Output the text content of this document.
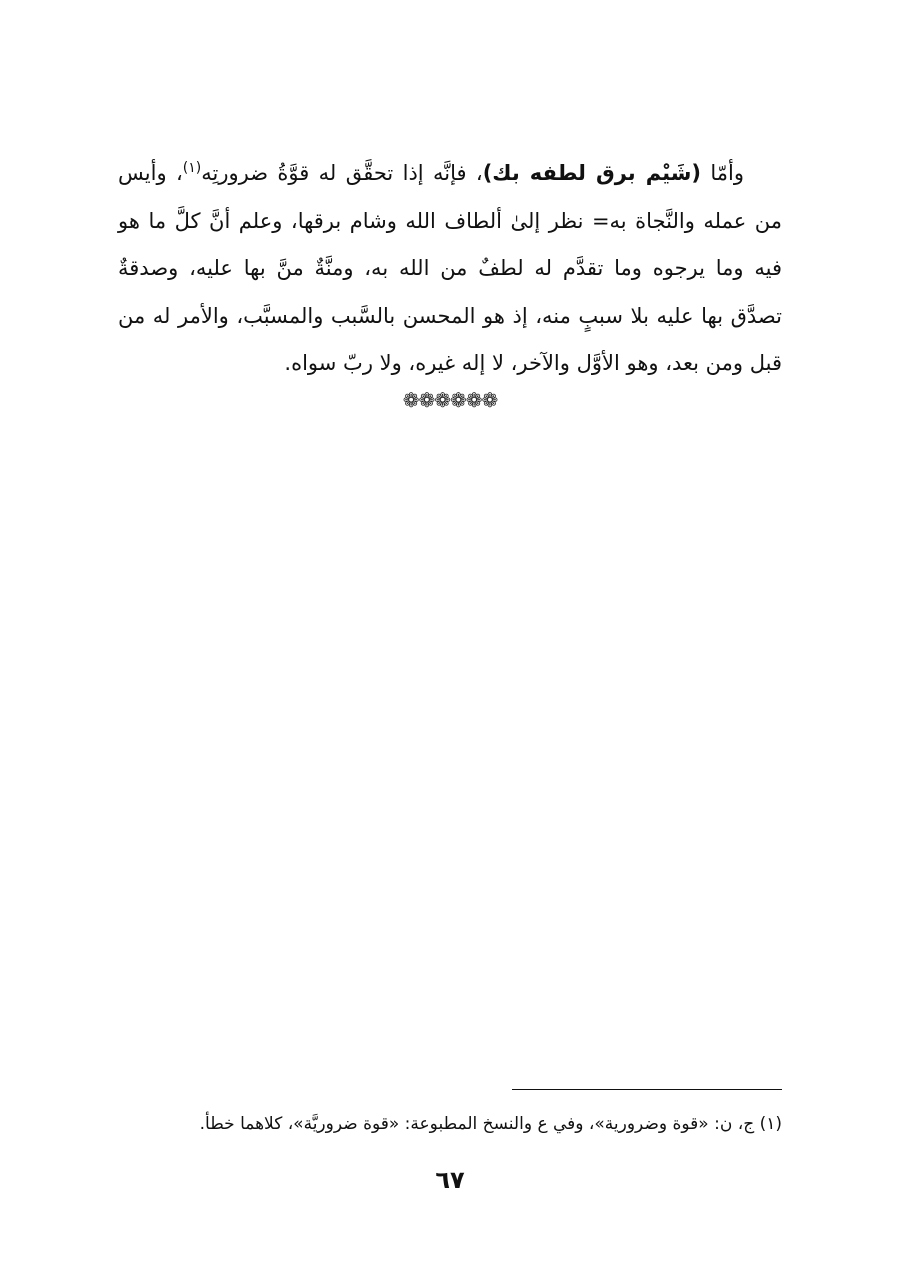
وأمّا (شَيْم برق لطفه بك)، فإنَّه إذا تحقَّق له قوَّةُ ضرورتِه$^{(١)}$، وأيس من عمله والنَّجاة به= نظر إلىٰ ألطاف الله وشام برقها، وعلم أنَّ كلَّ ما هو فيه وما يرجوه وما تقدَّم له لطفٌ من الله به، ومنَّةٌ منَّ بها عليه، وصدقةٌ تصدَّق بها عليه بلا سببٍ منه، إذ هو المحسن بالسَّبب والمسبَّب، والأمر له من قبل ومن بعد، وهو الأوَّل والآخر، لا إله غيره، ولا ربّ سواه.

❁❁❁❁❁❁
(١) ج، ن: «قوة وضرورية»، وفي ع والنسخ المطبوعة: «قوة ضروريَّة»، كلاهما خطأ.
٦٧
